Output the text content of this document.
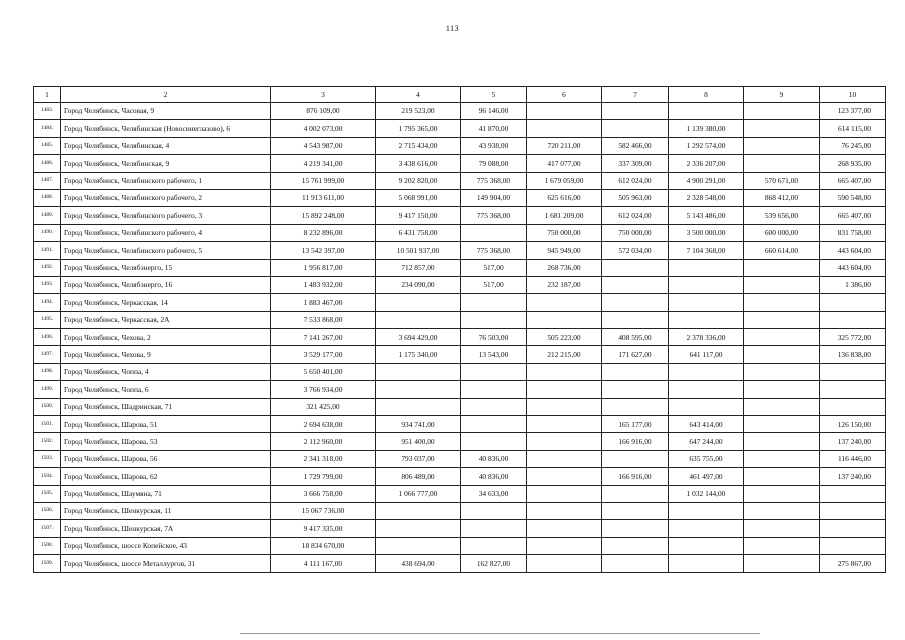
113
1	2	3	4	5	6	7	8	9	10
1483.	Город Челябинск, Часовая, 9	876 109,00	219 523,00	96 146,00					123 377,00
1484.	Город Челябинск, Челябинская (Новосинеглазово), 6	4 002 073,00	1 795 365,00	41 870,00			1 139 380,00		614 115,00
1485.	Город Челябинск, Челябинская, 4	4 543 987,00	2 715 434,00	43 938,00	720 211,00	582 466,00	1 292 574,00		76 245,00
1486.	Город Челябинск, Челябинская, 9	4 219 341,00	3 438 616,00	79 088,00	417 077,00	337 309,00	2 336 207,00		268 935,00
1487.	Город Челябинск, Челябинского рабочего, 1	15 761 999,00	9 202 820,00	775 368,00	1 679 059,00	612 024,00	4 900 291,00	570 671,00	665 407,00
1488.	Город Челябинск, Челябинского рабочего, 2	11 913 611,00	5 068 991,00	149 904,00	625 616,00	505 963,00	2 328 548,00	868 412,00	590 548,00
1489.	Город Челябинск, Челябинского рабочего, 3	15 892 248,00	9 417 150,00	775 368,00	1 681 209,00	612 024,00	5 143 486,00	539 656,00	665 407,00
1490.	Город Челябинск, Челябинского рабочего, 4	8 232 896,00	6 431 758,00		750 000,00	750 000,00	3 500 000,00	600 000,00	831 758,00
1491.	Город Челябинск, Челябинского рабочего, 5	13 542 397,00	10 501 937,00	775 368,00	945 949,00	572 034,00	7 104 368,00	660 614,00	443 604,00
1492.	Город Челябинск, Челябэнерго, 15	1 956 817,00	712 857,00	517,00	268 736,00				443 604,00
1493.	Город Челябинск, Челябэнерго, 16	1 483 932,00	234 090,00	517,00	232 187,00				1 386,00
1494.	Город Челябинск, Черкасская, 14	1 883 467,00							
1495.	Город Челябинск, Черкасская, 2А	7 533 868,00							
1496.	Город Челябинск, Чехова, 2	7 141 267,00	3 694 429,00	76 503,00	505 223,00	408 595,00	2 378 336,00		325 772,00
1497.	Город Челябинск, Чехова, 9	3 529 177,00	1 175 340,00	13 543,00	212 215,00	171 627,00	641 117,00		136 838,00
1498.	Город Челябинск, Чоппа, 4	5 650 401,00							
1499.	Город Челябинск, Чоппа, 6	3 766 934,00							
1500.	Город Челябинск, Шадринская, 71	321 425,00							
1501.	Город Челябинск, Шарова, 51	2 694 638,00	934 741,00			165 177,00	643 414,00		126 150,00
1502.	Город Челябинск, Шарова, 53	2 112 960,00	951 400,00			166 916,00	647 244,00		137 240,00
1503.	Город Челябинск, Шарова, 56	2 341 318,00	793 037,00	40 836,00			635 755,00		116 446,00
1504.	Город Челябинск, Шарова, 62	1 729 799,00	806 489,00	40 836,00		166 916,00	461 497,00		137 240,00
1505.	Город Челябинск, Шаумяна, 71	3 666 758,00	1 066 777,00	34 633,00			1 032 144,00		
1506.	Город Челябинск, Шенкурская, 11	15 067 736,00							
1507.	Город Челябинск, Шенкурская, 7А	9 417 335,00							
1508.	Город Челябинск, шоссе Копейское, 43	18 834 670,00							
1509.	Город Челябинск, шоссе Металлургов, 31	4 111 167,00	438 694,00	162 827,00					275 867,00
